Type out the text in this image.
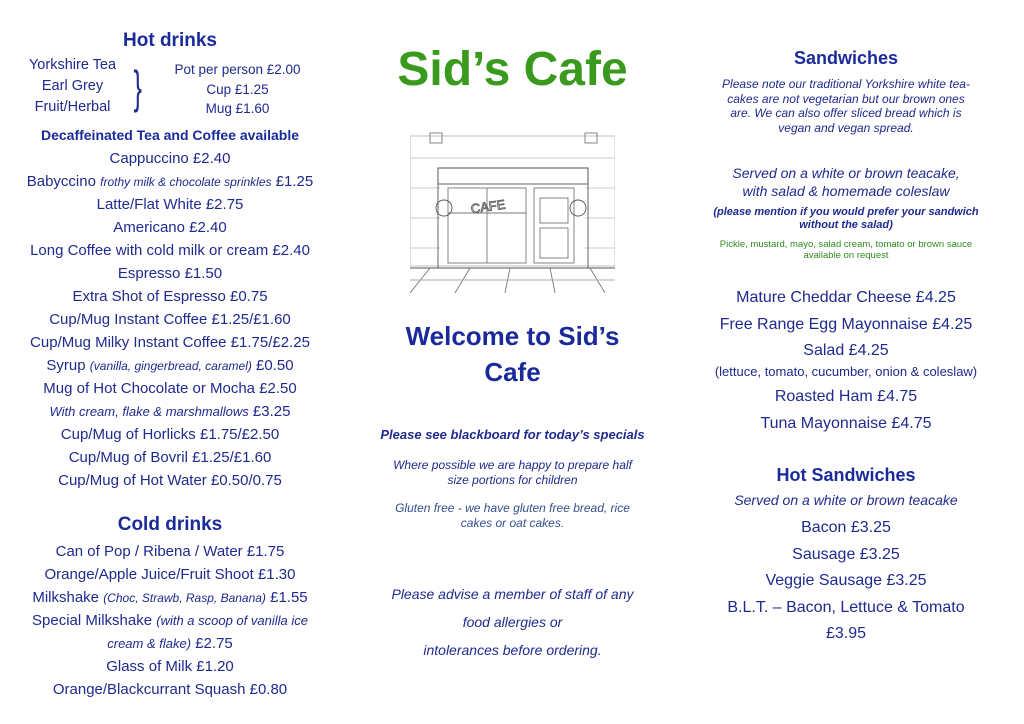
Hot drinks
Yorkshire Tea
Earl Grey
Fruit/Herbal }	Pot per person £2.00
Cup £1.25
Mug £1.60
Decaffeinated Tea and Coffee available
Cappuccino £2.40
Babyccino frothy milk & chocolate sprinkles £1.25
Latte/Flat White £2.75
Americano £2.40
Long Coffee with cold milk or cream £2.40
Espresso £1.50
Extra Shot of Espresso £0.75
Cup/Mug Instant Coffee £1.25/£1.60
Cup/Mug Milky Instant Coffee £1.75/£2.25
Syrup (vanilla, gingerbread, caramel) £0.50
Mug of Hot Chocolate or Mocha £2.50
With cream, flake & marshmallows £3.25
Cup/Mug of Horlicks £1.75/£2.50
Cup/Mug of Bovril £1.25/£1.60
Cup/Mug of Hot Water £0.50/0.75
Cold drinks
Can of Pop / Ribena / Water £1.75
Orange/Apple Juice/Fruit Shoot £1.30
Milkshake (Choc, Strawb, Rasp, Banana) £1.55
Special Milkshake (with a scoop of vanilla ice
cream & flake) £2.75
Glass of Milk £1.20
Orange/Blackcurrant Squash £0.80
Sid’s Cafe
CAFE
Welcome to Sid’s
Cafe
Please see blackboard for today’s specials
Where possible we are happy to prepare half
size portions for children
Gluten free - we have gluten free bread, rice
cakes or oat cakes.
Please advise a member of staff of any
food allergies or
intolerances before ordering.
Sandwiches
Please note our traditional Yorkshire white tea-
cakes are not vegetarian but our brown ones
are. We can also offer sliced bread which is
vegan and vegan spread.
Served on a white or brown teacake,
with salad & homemade coleslaw
(please mention if you would prefer your sandwich
without the salad)
Pickle, mustard, mayo, salad cream, tomato or brown sauce
available on request
Mature Cheddar Cheese £4.25
Free Range Egg Mayonnaise £4.25
Salad £4.25
(lettuce, tomato, cucumber, onion & coleslaw)
Roasted Ham £4.75
Tuna Mayonnaise £4.75
Hot Sandwiches
Served on a white or brown teacake
Bacon £3.25
Sausage £3.25
Veggie Sausage £3.25
B.L.T. – Bacon, Lettuce & Tomato
£3.95
